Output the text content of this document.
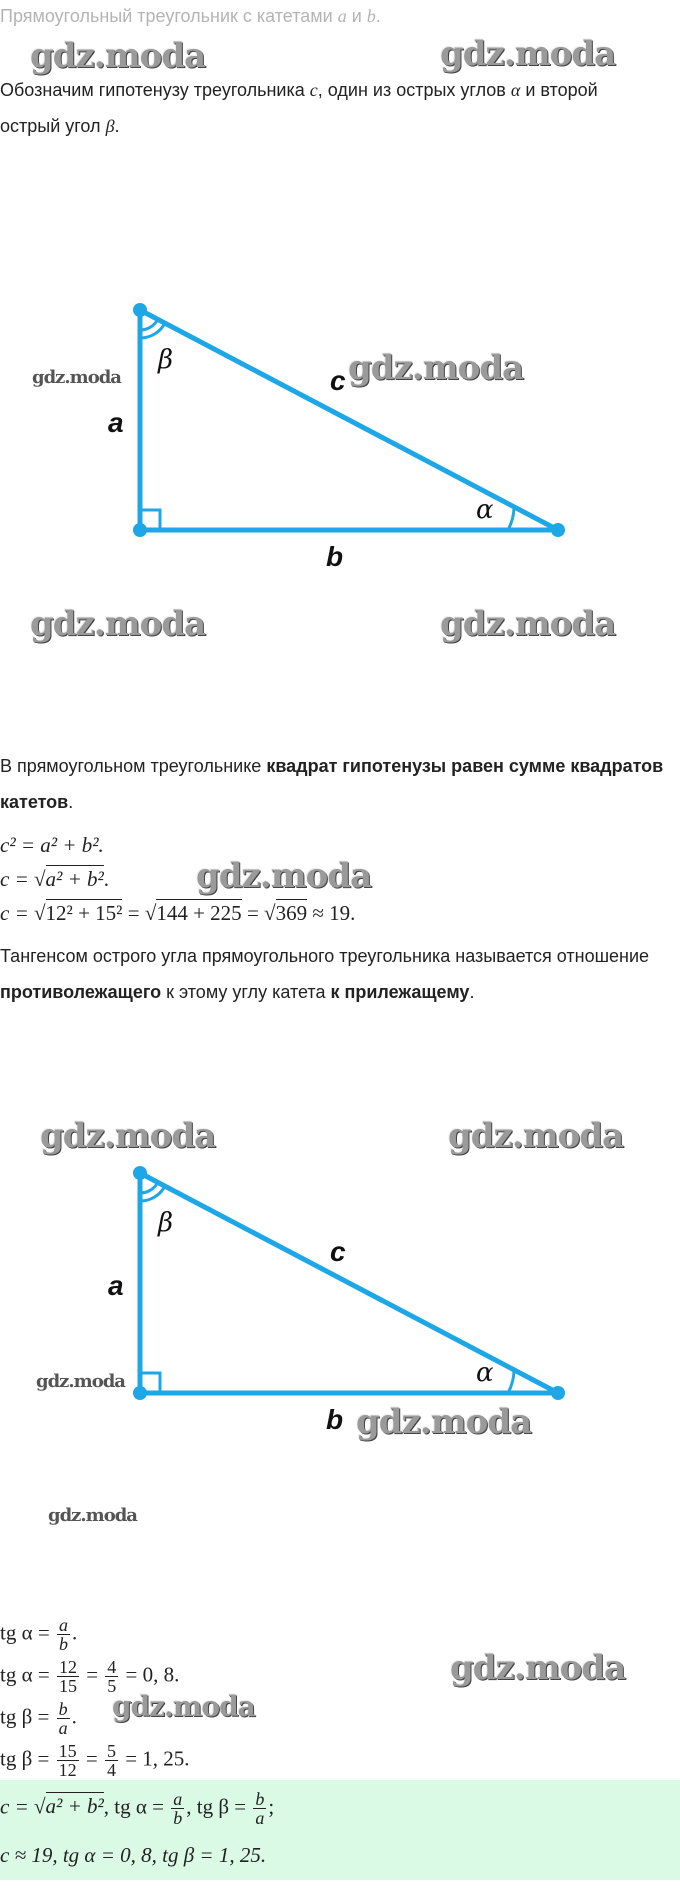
Прямоугольный треугольник с катетами a и b.
gdz.moda	gdz.moda
Обозначим гипотенузу треугольника c, один из острых углов α и второй
острый угол β.
β
a
c
α
b
gdz.moda
gdz.moda
gdz.moda	gdz.moda
В прямоугольном треугольнике квадрат гипотенузы равен сумме квадратов
катетов.
c² = a² + b².
c = √a² + b².	gdz.moda
c = √12² + 15² = √144 + 225 = √369 ≈ 19.
Тангенсом острого угла прямоугольного треугольника называется отношение
противолежащего к этому углу катета к прилежащему.
gdz.moda	gdz.moda
β
a
c
α
b
gdz.moda
gdz.moda
gdz.moda
tg $\alpha = \frac{a}{b}$ .
tg $\alpha = \frac{12}{15} = \frac{4}{5} = 0$, 8.	gdz.moda
tg $\beta = \frac{b}{a}$ . gdz.moda
tg $\beta = \frac{15}{12} = \frac{5}{4} = 1$, 25.
c = √a² + b², tg $\alpha = \frac{a}{b}$ , tg $\beta = \frac{b}{a}$ ;
c ≈ 19, tg α = 0, 8, tg β = 1, 25.
